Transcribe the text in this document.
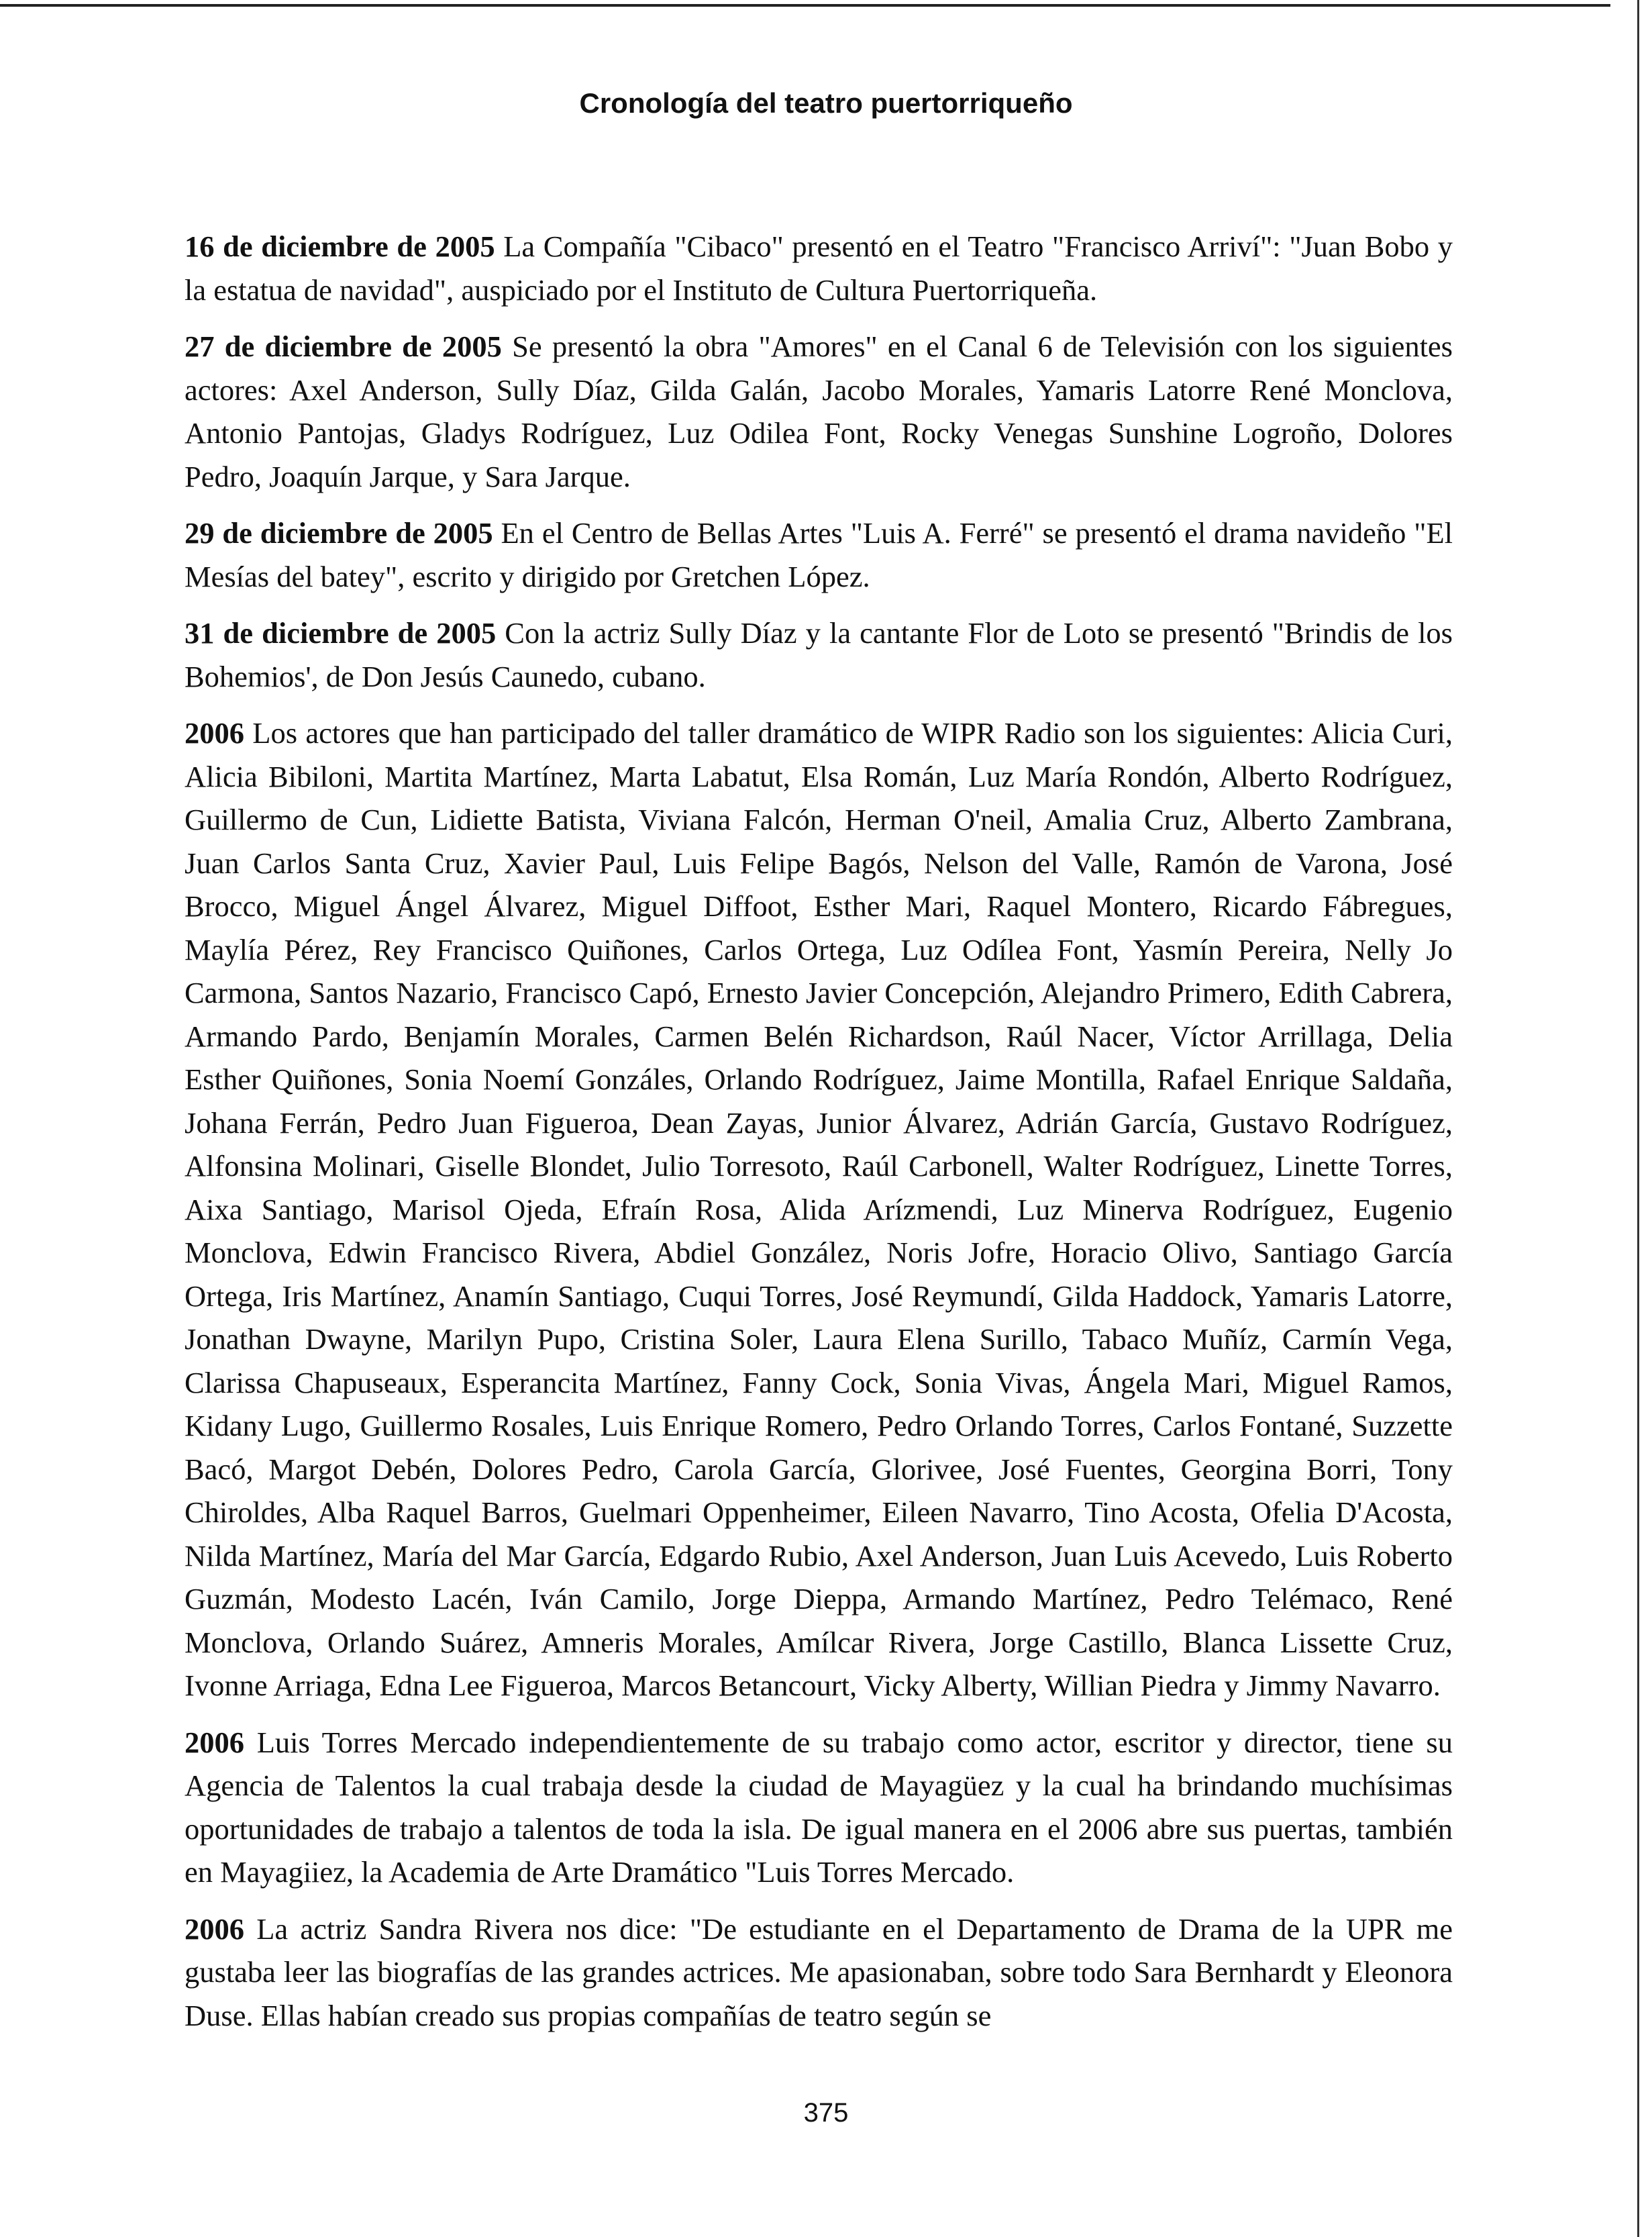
Cronología del teatro puertorriqueño

16 de diciembre de 2005 La Compañía "Cibaco" presentó en el Teatro "Francisco Arriví": "Juan Bobo y la estatua de navidad", auspiciado por el Instituto de Cultura Puertorriqueña.

27 de diciembre de 2005 Se presentó la obra "Amores" en el Canal 6 de Televisión con los siguientes actores: Axel Anderson, Sully Díaz, Gilda Galán, Jacobo Morales, Yamaris Latorre René Monclova, Antonio Pantojas, Gladys Rodríguez, Luz Odilea Font, Rocky Venegas Sunshine Logroño, Dolores Pedro, Joaquín Jarque, y Sara Jarque.

29 de diciembre de 2005 En el Centro de Bellas Artes "Luis A. Ferré" se presentó el drama navideño "El Mesías del batey", escrito y dirigido por Gretchen López.

31 de diciembre de 2005 Con la actriz Sully Díaz y la cantante Flor de Loto se presentó "Brindis de los Bohemios', de Don Jesús Caunedo, cubano.

2006 Los actores que han participado del taller dramático de WIPR Radio son los siguientes: Alicia Curi, Alicia Bibiloni, Martita Martínez, Marta Labatut, Elsa Román, Luz María Rondón, Alberto Rodríguez, Guillermo de Cun, Lidiette Batista, Viviana Falcón, Herman O'neil, Amalia Cruz, Alberto Zambrana, Juan Carlos Santa Cruz, Xavier Paul, Luis Felipe Bagós, Nelson del Valle, Ramón de Varona, José Brocco, Miguel Ángel Álvarez, Miguel Diffoot, Esther Mari, Raquel Montero, Ricardo Fábregues, Maylía Pérez, Rey Francisco Quiñones, Carlos Ortega, Luz Odílea Font, Yasmín Pereira, Nelly Jo Carmona, Santos Nazario, Francisco Capó, Ernesto Javier Concepción, Alejandro Primero, Edith Cabrera, Armando Pardo, Benjamín Morales, Carmen Belén Richardson, Raúl Nacer, Víctor Arrillaga, Delia Esther Quiñones, Sonia Noemí Gonzáles, Orlando Rodríguez, Jaime Montilla, Rafael Enrique Saldaña, Johana Ferrán, Pedro Juan Figueroa, Dean Zayas, Junior Álvarez, Adrián García, Gustavo Rodríguez, Alfonsina Molinari, Giselle Blondet, Julio Torresoto, Raúl Carbonell, Walter Rodríguez, Linette Torres, Aixa Santiago, Marisol Ojeda, Efraín Rosa, Alida Arízmendi, Luz Minerva Rodríguez, Eugenio Monclova, Edwin Francisco Rivera, Abdiel González, Noris Jofre, Horacio Olivo, Santiago García Ortega, Iris Martínez, Anamín Santiago, Cuqui Torres, José Reymundí, Gilda Haddock, Yamaris Latorre, Jonathan Dwayne, Marilyn Pupo, Cristina Soler, Laura Elena Surillo, Tabaco Muñíz, Carmín Vega, Clarissa Chapuseaux, Esperancita Martínez, Fanny Cock, Sonia Vivas, Ángela Mari, Miguel Ramos, Kidany Lugo, Guillermo Rosales, Luis Enrique Romero, Pedro Orlando Torres, Carlos Fontané, Suzzette Bacó, Margot Debén, Dolores Pedro, Carola García, Glorivee, José Fuentes, Georgina Borri, Tony Chiroldes, Alba Raquel Barros, Guelmari Oppenheimer, Eileen Navarro, Tino Acosta, Ofelia D'Acosta, Nilda Martínez, María del Mar García, Edgardo Rubio, Axel Anderson, Juan Luis Acevedo, Luis Roberto Guzmán, Modesto Lacén, Iván Camilo, Jorge Dieppa, Armando Martínez, Pedro Telémaco, René Monclova, Orlando Suárez, Amneris Morales, Amílcar Rivera, Jorge Castillo, Blanca Lissette Cruz, Ivonne Arriaga, Edna Lee Figueroa, Marcos Betancourt, Vicky Alberty, Willian Piedra y Jimmy Navarro.

2006 Luis Torres Mercado independientemente de su trabajo como actor, escritor y director, tiene su Agencia de Talentos la cual trabaja desde la ciudad de Mayagüez y la cual ha brindando muchísimas oportunidades de trabajo a talentos de toda la isla. De igual manera en el 2006 abre sus puertas, también en Mayagiiez, la Academia de Arte Dramático "Luis Torres Mercado.

2006 La actriz Sandra Rivera nos dice: "De estudiante en el Departamento de Drama de la UPR me gustaba leer las biografías de las grandes actrices. Me apasionaban, sobre todo Sara Bernhardt y Eleonora Duse. Ellas habían creado sus propias compañías de teatro según se

375
